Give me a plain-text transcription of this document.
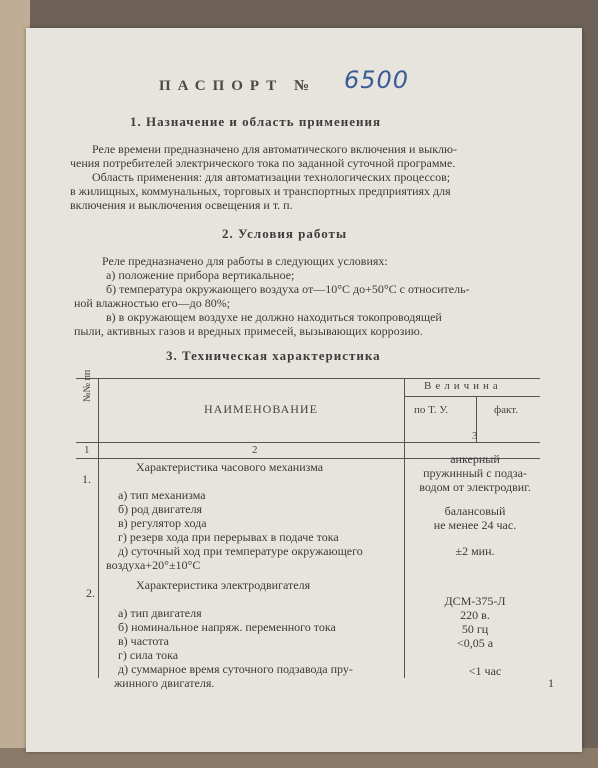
ПАСПОРТ № 6500
1. Назначение и область применения
Реле времени предназначено для автоматического включения и выклю-
чения потребителей электрического тока по заданной суточной программе.
Область применения: для автоматизации технологических процессов;
в жилищных, коммунальных, торговых и транспортных предприятиях для
включения и выключения освещения и т. п.
2. Условия работы
Реле предназначено для работы в следующих условиях:
а) положение прибора вертикальное;
б) температура окружающего воздуха от—10°С до+50°С с относитель-
ной влажностью его—до 80%;
в) в окружающем воздухе не должно находиться токопроводящей
пыли, активных газов и вредных примесей, вызывающих коррозию.
3. Техническая характеристика
№№ пп
НАИМЕНОВАНИЕ
Величина
по Т. У.	факт.
1	2
3
1.
Характеристика часового механизма
а) тип механизма
б) род двигателя
в) регулятор хода
г) резерв хода при перерывах в подаче тока
д) суточный ход при температуре окружающего
воздуха+20°±10°С
анкерный
пружинный с подза-
водом от электродвиг.
балансовый
не менее 24 час.
±2 мин.
2.
Характеристика электродвигателя
а) тип двигателя
б) номинальное напряж. переменного тока
в) частота
г) сила тока
д) суммарное время суточного подзавода пру-
жинного двигателя.
ДСМ-375-Л
220 в.
50 гц
<0,05 а
<1 час
1
